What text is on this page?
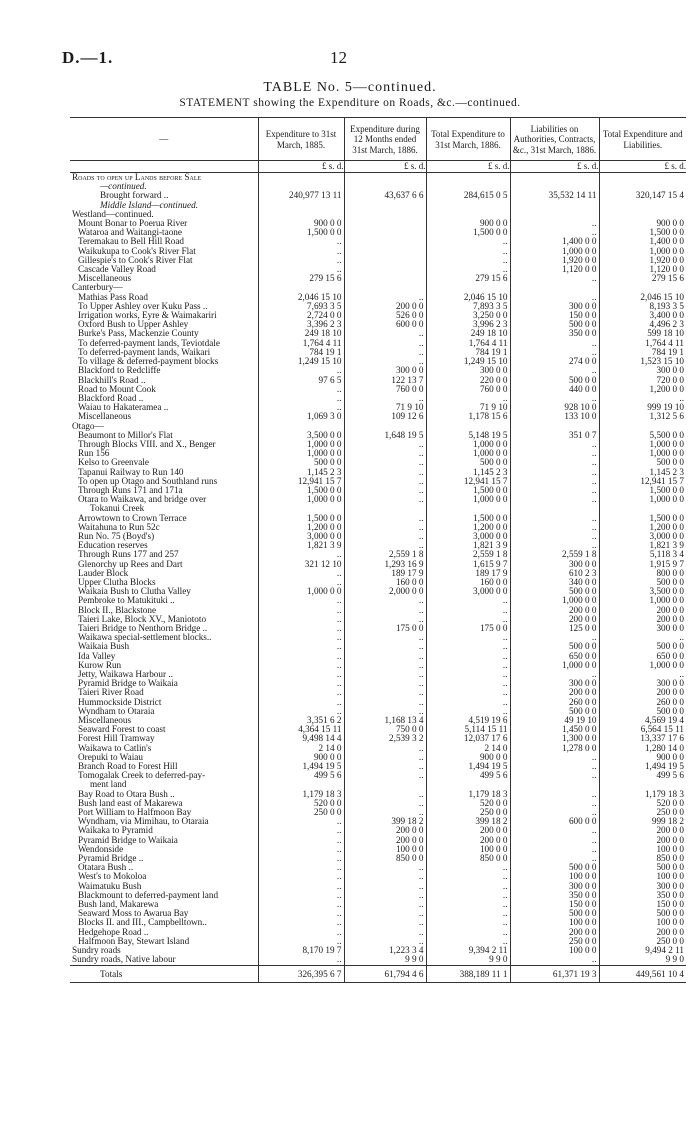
D.—1.	12
TABLE No. 5—continued.
STATEMENT showing the Expenditure on Roads, &c.—continued.
—	Expenditure to 31st March, 1885.	Expenditure during 12 Months ended 31st March, 1886.	Total Expenditure to 31st March, 1886.	Liabilities on Authorities, Contracts, &c., 31st March, 1886.	Total Expenditure and Liabilities.
	£ s. d.	£ s. d.	£ s. d.	£ s. d.	£ s. d.
Roads to open up Lands before Sale					
—continued.					
Brought forward ..	240,977 13 11	43,637 6 6	284,615 0 5	35,532 14 11	320,147 15 4
Middle Island—continued.					
Westland—continued.					
Mount Bonar to Poerua River	900 0 0		900 0 0	..	900 0 0
Wataroa and Waitangi-taone	1,500 0 0		1,500 0 0	..	1,500 0 0
Teremakau to Bell Hill Road	..		..	1,400 0 0	1,400 0 0
Waikukupa to Cook's River Flat	..		..	1,000 0 0	1,000 0 0
Gillespie's to Cook's River Flat	..		..	1,920 0 0	1,920 0 0
Cascade Valley Road	..		..	1,120 0 0	1,120 0 0
Miscellaneous	279 15 6		279 15 6	..	279 15 6
Canterbury—					
Mathias Pass Road	2,046 15 10	..	2,046 15 10	..	2,046 15 10
To Upper Ashley over Kuku Pass ..	7,693 3 5	200 0 0	7,893 3 5	300 0 0	8,193 3 5
Irrigation works, Eyre & Waimakariri	2,724 0 0	526 0 0	3,250 0 0	150 0 0	3,400 0 0
Oxford Bush to Upper Ashley	3,396 2 3	600 0 0	3,996 2 3	500 0 0	4,496 2 3
Burke's Pass, Mackenzie County	249 18 10	..	249 18 10	350 0 0	599 18 10
To deferred-payment lands, Teviotdale	1,764 4 11	..	1,764 4 11	..	1,764 4 11
To deferred-payment lands, Waikari	784 19 1	..	784 19 1	..	784 19 1
To village & deferred-payment blocks	1,249 15 10	..	1,249 15 10	274 0 0	1,523 15 10
Blackford to Redcliffe	..	300 0 0	300 0 0	..	300 0 0
Blackhill's Road ..	97 6 5	122 13 7	220 0 0	500 0 0	720 0 0
Road to Mount Cook	..	760 0 0	760 0 0	440 0 0	1,200 0 0
Blackford Road ..	..	..	..	..	..
Waiau to Hakateramea ..	..	71 9 10	71 9 10	928 10 0	999 19 10
Miscellaneous	1,069 3 0	109 12 6	1,178 15 6	133 10 0	1,312 5 6
Otago—					
Beaumont to Millor's Flat	3,500 0 0	1,648 19 5	5,148 19 5	351 0 7	5,500 0 0
Through Blocks VIII. and X., Benger	1,000 0 0	..	1,000 0 0	..	1,000 0 0
Run 156	1,000 0 0	..	1,000 0 0	..	1,000 0 0
Kelso to Greenvale	500 0 0	..	500 0 0	..	500 0 0
Tapanui Railway to Run 140	1,145 2 3	..	1,145 2 3	..	1,145 2 3
To open up Otago and Southland runs	12,941 15 7	..	12,941 15 7	..	12,941 15 7
Through Runs 171 and 171a	1,500 0 0	..	1,500 0 0	..	1,500 0 0
Otara to Waikawa, and bridge over	1,000 0 0	..	1,000 0 0	..	1,000 0 0
Tokanui Creek					
Arrowtown to Crown Terrace	1,500 0 0	..	1,500 0 0	..	1,500 0 0
Waitahuna to Run 52c	1,200 0 0	..	1,200 0 0	..	1,200 0 0
Run No. 75 (Boyd's)	3,000 0 0	..	3,000 0 0	..	3,000 0 0
Education reserves	1,821 3 9	..	1,821 3 9	..	1,821 3 9
Through Runs 177 and 257	..	2,559 1 8	2,559 1 8	2,559 1 8	5,118 3 4
Glenorchy up Rees and Dart	321 12 10	1,293 16 9	1,615 9 7	300 0 0	1,915 9 7
Lauder Block	..	189 17 9	189 17 9	610 2 3	800 0 0
Upper Clutha Blocks	..	160 0 0	160 0 0	340 0 0	500 0 0
Waikaia Bush to Clutha Valley	1,000 0 0	2,000 0 0	3,000 0 0	500 0 0	3,500 0 0
Pembroke to Matukituki ..	..	..	..	1,000 0 0	1,000 0 0
Block II., Blackstone	..	..	..	200 0 0	200 0 0
Taieri Lake, Block XV., Maniototo	..	..	..	200 0 0	200 0 0
Taieri Bridge to Nenthorn Bridge ..	..	175 0 0	175 0 0	125 0 0	300 0 0
Waikawa special-settlement blocks..	..	..	..	..	..
Waikaia Bush	..	..	..	500 0 0	500 0 0
Ida Valley	..	..	..	650 0 0	650 0 0
Kurow Run	..	..	..	1,000 0 0	1,000 0 0
Jetty, Waikawa Harbour ..	..	..	..	..	..
Pyramid Bridge to Waikaia	..	..	..	300 0 0	300 0 0
Taieri River Road	..	..	..	200 0 0	200 0 0
Hummockside District	..	..	..	260 0 0	260 0 0
Wyndham to Otaraia	..	..	..	500 0 0	500 0 0
Miscellaneous	3,351 6 2	1,168 13 4	4,519 19 6	49 19 10	4,569 19 4
Seaward Forest to coast	4,364 15 11	750 0 0	5,114 15 11	1,450 0 0	6,564 15 11
Forest Hill Tramway	9,498 14 4	2,539 3 2	12,037 17 6	1,300 0 0	13,337 17 6
Waikawa to Catlin's	2 14 0	..	2 14 0	1,278 0 0	1,280 14 0
Orepuki to Waiau	900 0 0	..	900 0 0	..	900 0 0
Branch Road to Forest Hill	1,494 19 5	..	1,494 19 5	..	1,494 19 5
Tomogalak Creek to deferred-pay-	499 5 6	..	499 5 6	..	499 5 6
ment land					
Bay Road to Otara Bush ..	1,179 18 3	..	1,179 18 3	..	1,179 18 3
Bush land east of Makarewa	520 0 0	..	520 0 0	..	520 0 0
Port William to Halfmoon Bay	250 0 0	..	250 0 0	..	250 0 0
Wyndham, via Mimihau, to Otaraia	..	399 18 2	399 18 2	600 0 0	999 18 2
Waikaka to Pyramid	..	200 0 0	200 0 0	..	200 0 0
Pyramid Bridge to Waikaia	..	200 0 0	200 0 0	..	200 0 0
Wendonside	..	100 0 0	100 0 0	..	100 0 0
Pyramid Bridge ..	..	850 0 0	850 0 0	..	850 0 0
Otatara Bush ..	..	..	..	500 0 0	500 0 0
West's to Mokoloa	..	..	..	100 0 0	100 0 0
Waimatuku Bush	..	..	..	300 0 0	300 0 0
Blackmount to deferred-payment land	..	..	..	350 0 0	350 0 0
Bush land, Makarewa	..	..	..	150 0 0	150 0 0
Seaward Moss to Awarua Bay	..	..	..	500 0 0	500 0 0
Blocks II. and III., Campbelltown..	..	..	..	100 0 0	100 0 0
Hedgehope Road ..	..	..	..	200 0 0	200 0 0
Halfmoon Bay, Stewart Island	..	..	..	250 0 0	250 0 0
Sundry roads	8,170 19 7	1,223 3 4	9,394 2 11	100 0 0	9,494 2 11
Sundry roads, Native labour	..	9 9 0	9 9 0	..	9 9 0
Totals	326,395 6 7	61,794 4 6	388,189 11 1	61,371 19 3	449,561 10 4
